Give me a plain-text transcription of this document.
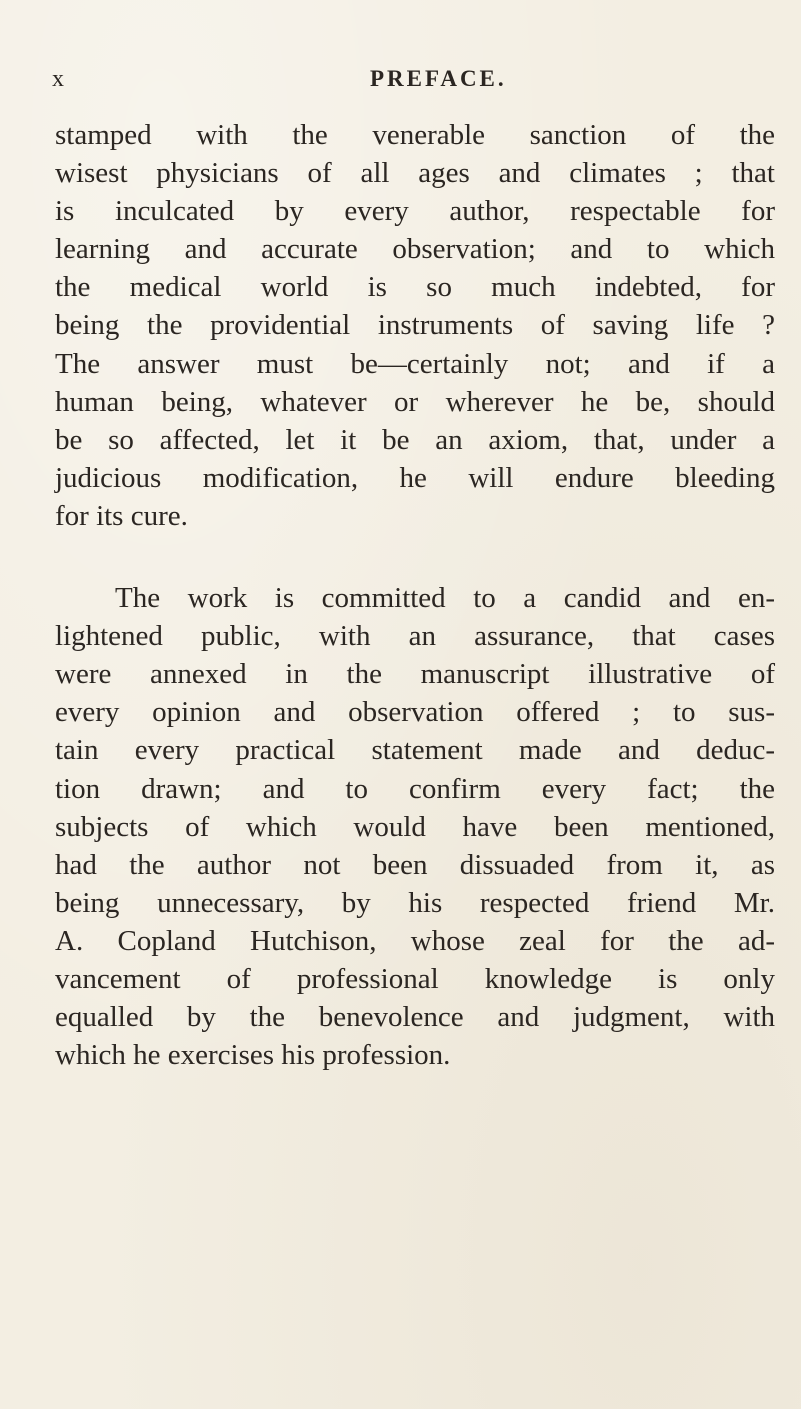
x	PREFACE.
stamped with the venerable sanction of the
wisest physicians of all ages and climates ; that
is inculcated by every author, respectable for
learning and accurate observation; and to which
the medical world is so much indebted, for
being the providential instruments of saving life ?
The answer must be—certainly not; and if a
human being, whatever or wherever he be, should
be so affected, let it be an axiom, that, under a
judicious modification, he will endure bleeding
for its cure.
The work is committed to a candid and en-
lightened public, with an assurance, that cases
were annexed in the manuscript illustrative of
every opinion and observation offered ; to sus-
tain every practical statement made and deduc-
tion drawn; and to confirm every fact; the
subjects of which would have been mentioned,
had the author not been dissuaded from it, as
being unnecessary, by his respected friend Mr.
A. Copland Hutchison, whose zeal for the ad-
vancement of professional knowledge is only
equalled by the benevolence and judgment, with
which he exercises his profession.
